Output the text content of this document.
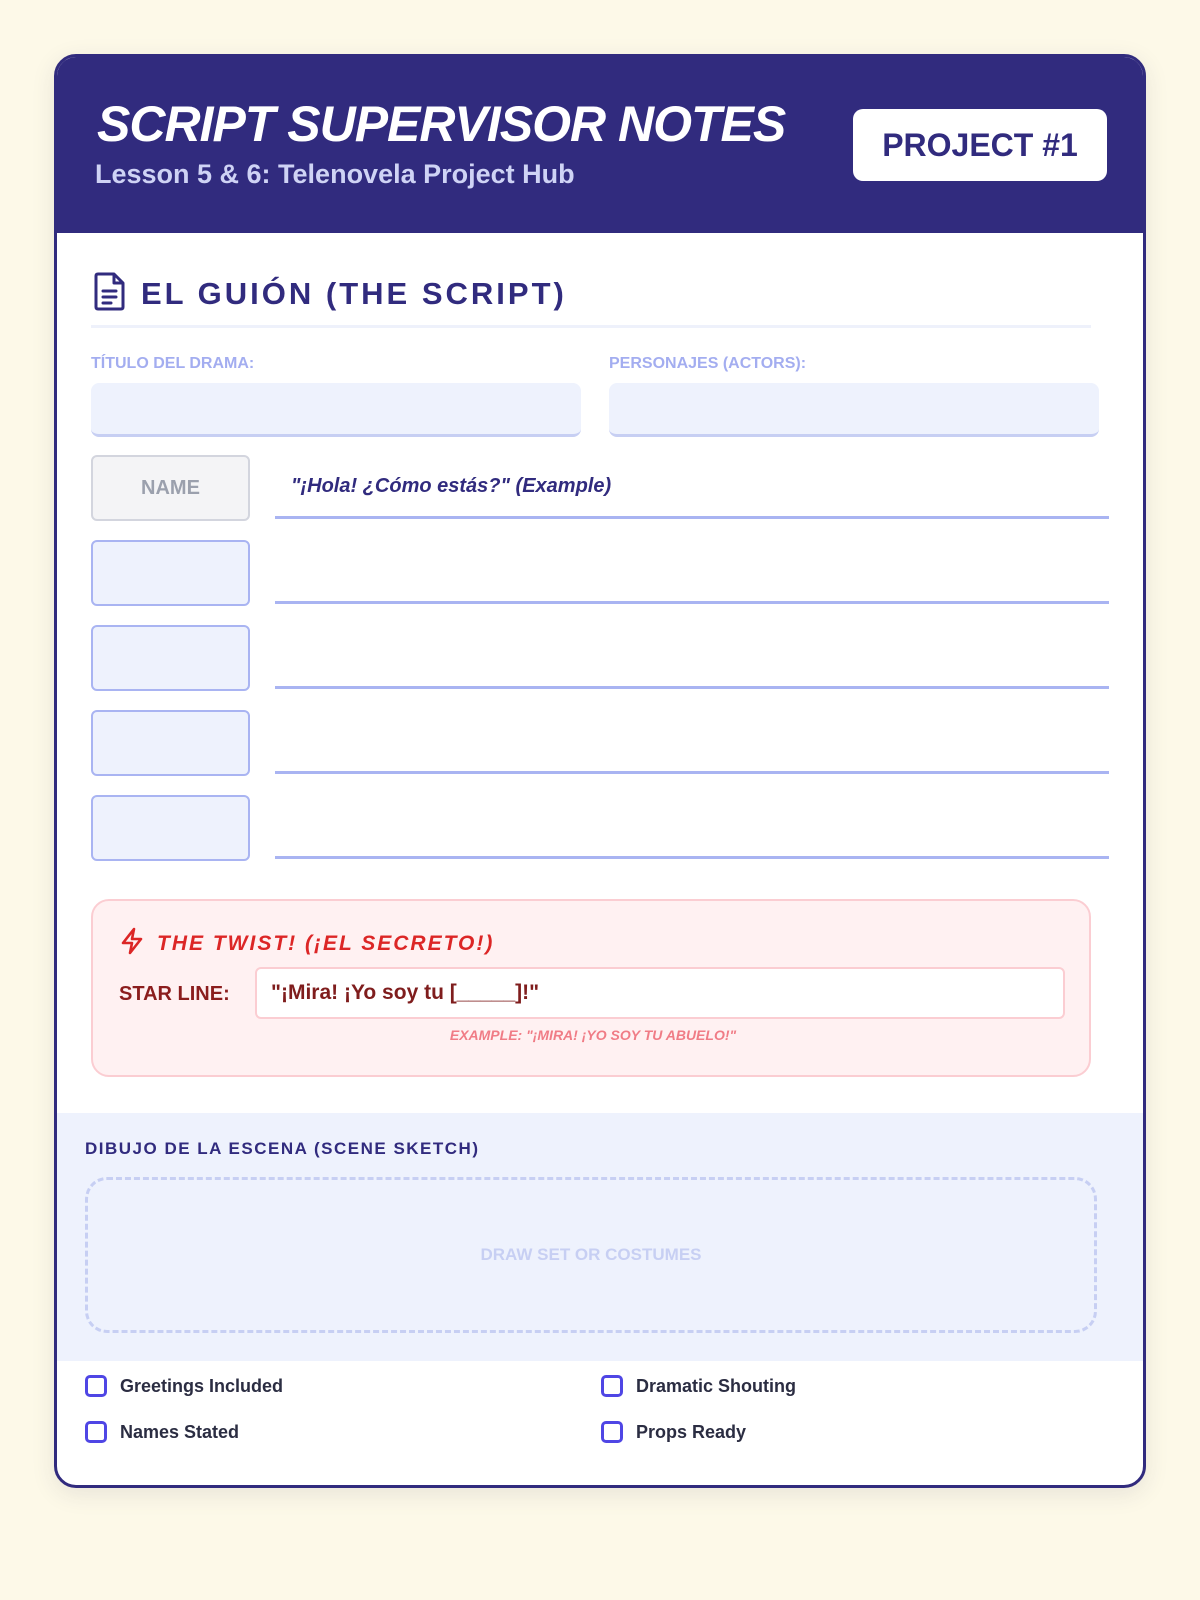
SCRIPT SUPERVISOR NOTES
Lesson 5 & 6: Telenovela Project Hub
PROJECT #1
EL GUIÓN (THE SCRIPT)
TÍTULO DEL DRAMA:	PERSONAJES (ACTORS):
NAME	"¡Hola! ¿Cómo estás?" (Example)
THE TWIST! (¡EL SECRETO!)
STAR LINE:	"¡Mira! ¡Yo soy tu [_____]!"
EXAMPLE: "¡MIRA! ¡YO SOY TU ABUELO!"
DIBUJO DE LA ESCENA (SCENE SKETCH)
DRAW SET OR COSTUMES
Greetings Included	Dramatic Shouting
Names Stated	Props Ready
